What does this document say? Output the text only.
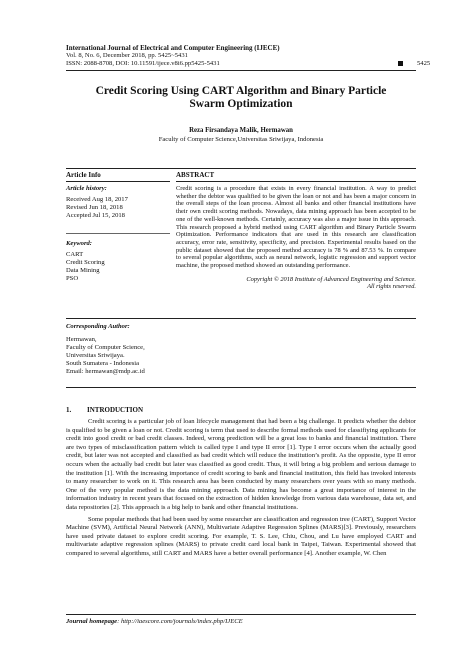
International Journal of Electrical and Computer Engineering (IJECE)
Vol. 8, No. 6, December 2018, pp. 5425~5431
ISSN: 2088-8708, DOI: 10.11591/ijece.v8i6.pp5425-5431	5425
Credit Scoring Using CART Algorithm and Binary Particle
Swarm Optimization
Reza Firsandaya Malik, Hermawan
Faculty of Computer Science,Universitas Sriwijaya, Indonesia
Article Info	ABSTRACT
Article history:
Received Aug 18, 2017
Revised Jun 18, 2018
Accepted Jul 15, 2018
Keyword:
CART
Credit Scoring
Data Mining
PSO
Credit scoring is a procedure that exists in every financial institution. A way to predict whether the debtor was qualified to be given the loan or not and has been a major concern in the overall steps of the loan process. Almost all banks and other financial institutions have their own credit scoring methods. Nowadays, data mining approach has been accepted to be one of the well-known methods. Certainly, accuracy was also a major issue in this approach. This research proposed a hybrid method using CART algorithm and Binary Particle Swarm Optimization. Performance indicators that are used in this research are classification accuracy, error rate, sensitivity, specificity, and precision. Experimental results based on the public dataset showed that the proposed method accuracy is 78 % and 87.53 %. In compare to several popular algorithms, such as neural network, logistic regression and support vector machine, the proposed method showed an outstanding performance.
Copyright © 2018 Institute of Advanced Engineering and Science.
All rights reserved.
Corresponding Author:
Hermawan,
Faculty of Computer Science,
Universitas Sriwijaya.
South Sumatera - Indonesia
Email: hermawan@mdp.ac.id
1. INTRODUCTION

Credit scoring is a particular job of loan lifecycle management that had been a big challenge. It predicts whether the debtor is qualified to be given a loan or not. Credit scoring is term that used to describe formal methods used for classifiying applicants for credit into good credit or bad credit classes. Indeed, wrong prediction will be a great loss to banks and financial institution. There are two types of misclassification pattern which is called type I and type II error [1]. Type I error occurs when the actually good credit, but later was not accepted and classified as bad credit which will reduce the institution’s profit. As the opposite, type II error occurs when the actually bad credit but later was classified as good credit. Thus, it will bring a big problem and serious damage to the institution [1]. With the increasing importance of credit scoring to bank and financial institution, this field has invoked interests to many researcher to work on it. This research area has been conducted by many researchers over years with so many methods. One of the very popular method is the data mining approach. Data mining has become a great importance of interest in the information industry in recent years that focused on the extraction of hidden knowledge from various data warehouse, data set, and data repositories [2]. This approach is a big help to bank and other financial institutions.

Some popular methods that had been used by some researcher are classification and regression tree (CART), Support Vector Machine (SVM), Artificial Neural Network (ANN), Multivariate Adaptive Regression Splines (MARS)[3]. Previously, researchers have used private dataset to explore credit scoring. For example, T. S. Lee, Chiu, Chou, and Lu have employed CART and multivariate adaptive regression splines (MARS) to private credit card local bank in Taipei, Taiwan. Experimental showed that compared to several algorithms, still CART and MARS have a better overall performance [4]. Another example, W. Chen

Journal homepage: http://iaescore.com/journals/index.php/IJECE
